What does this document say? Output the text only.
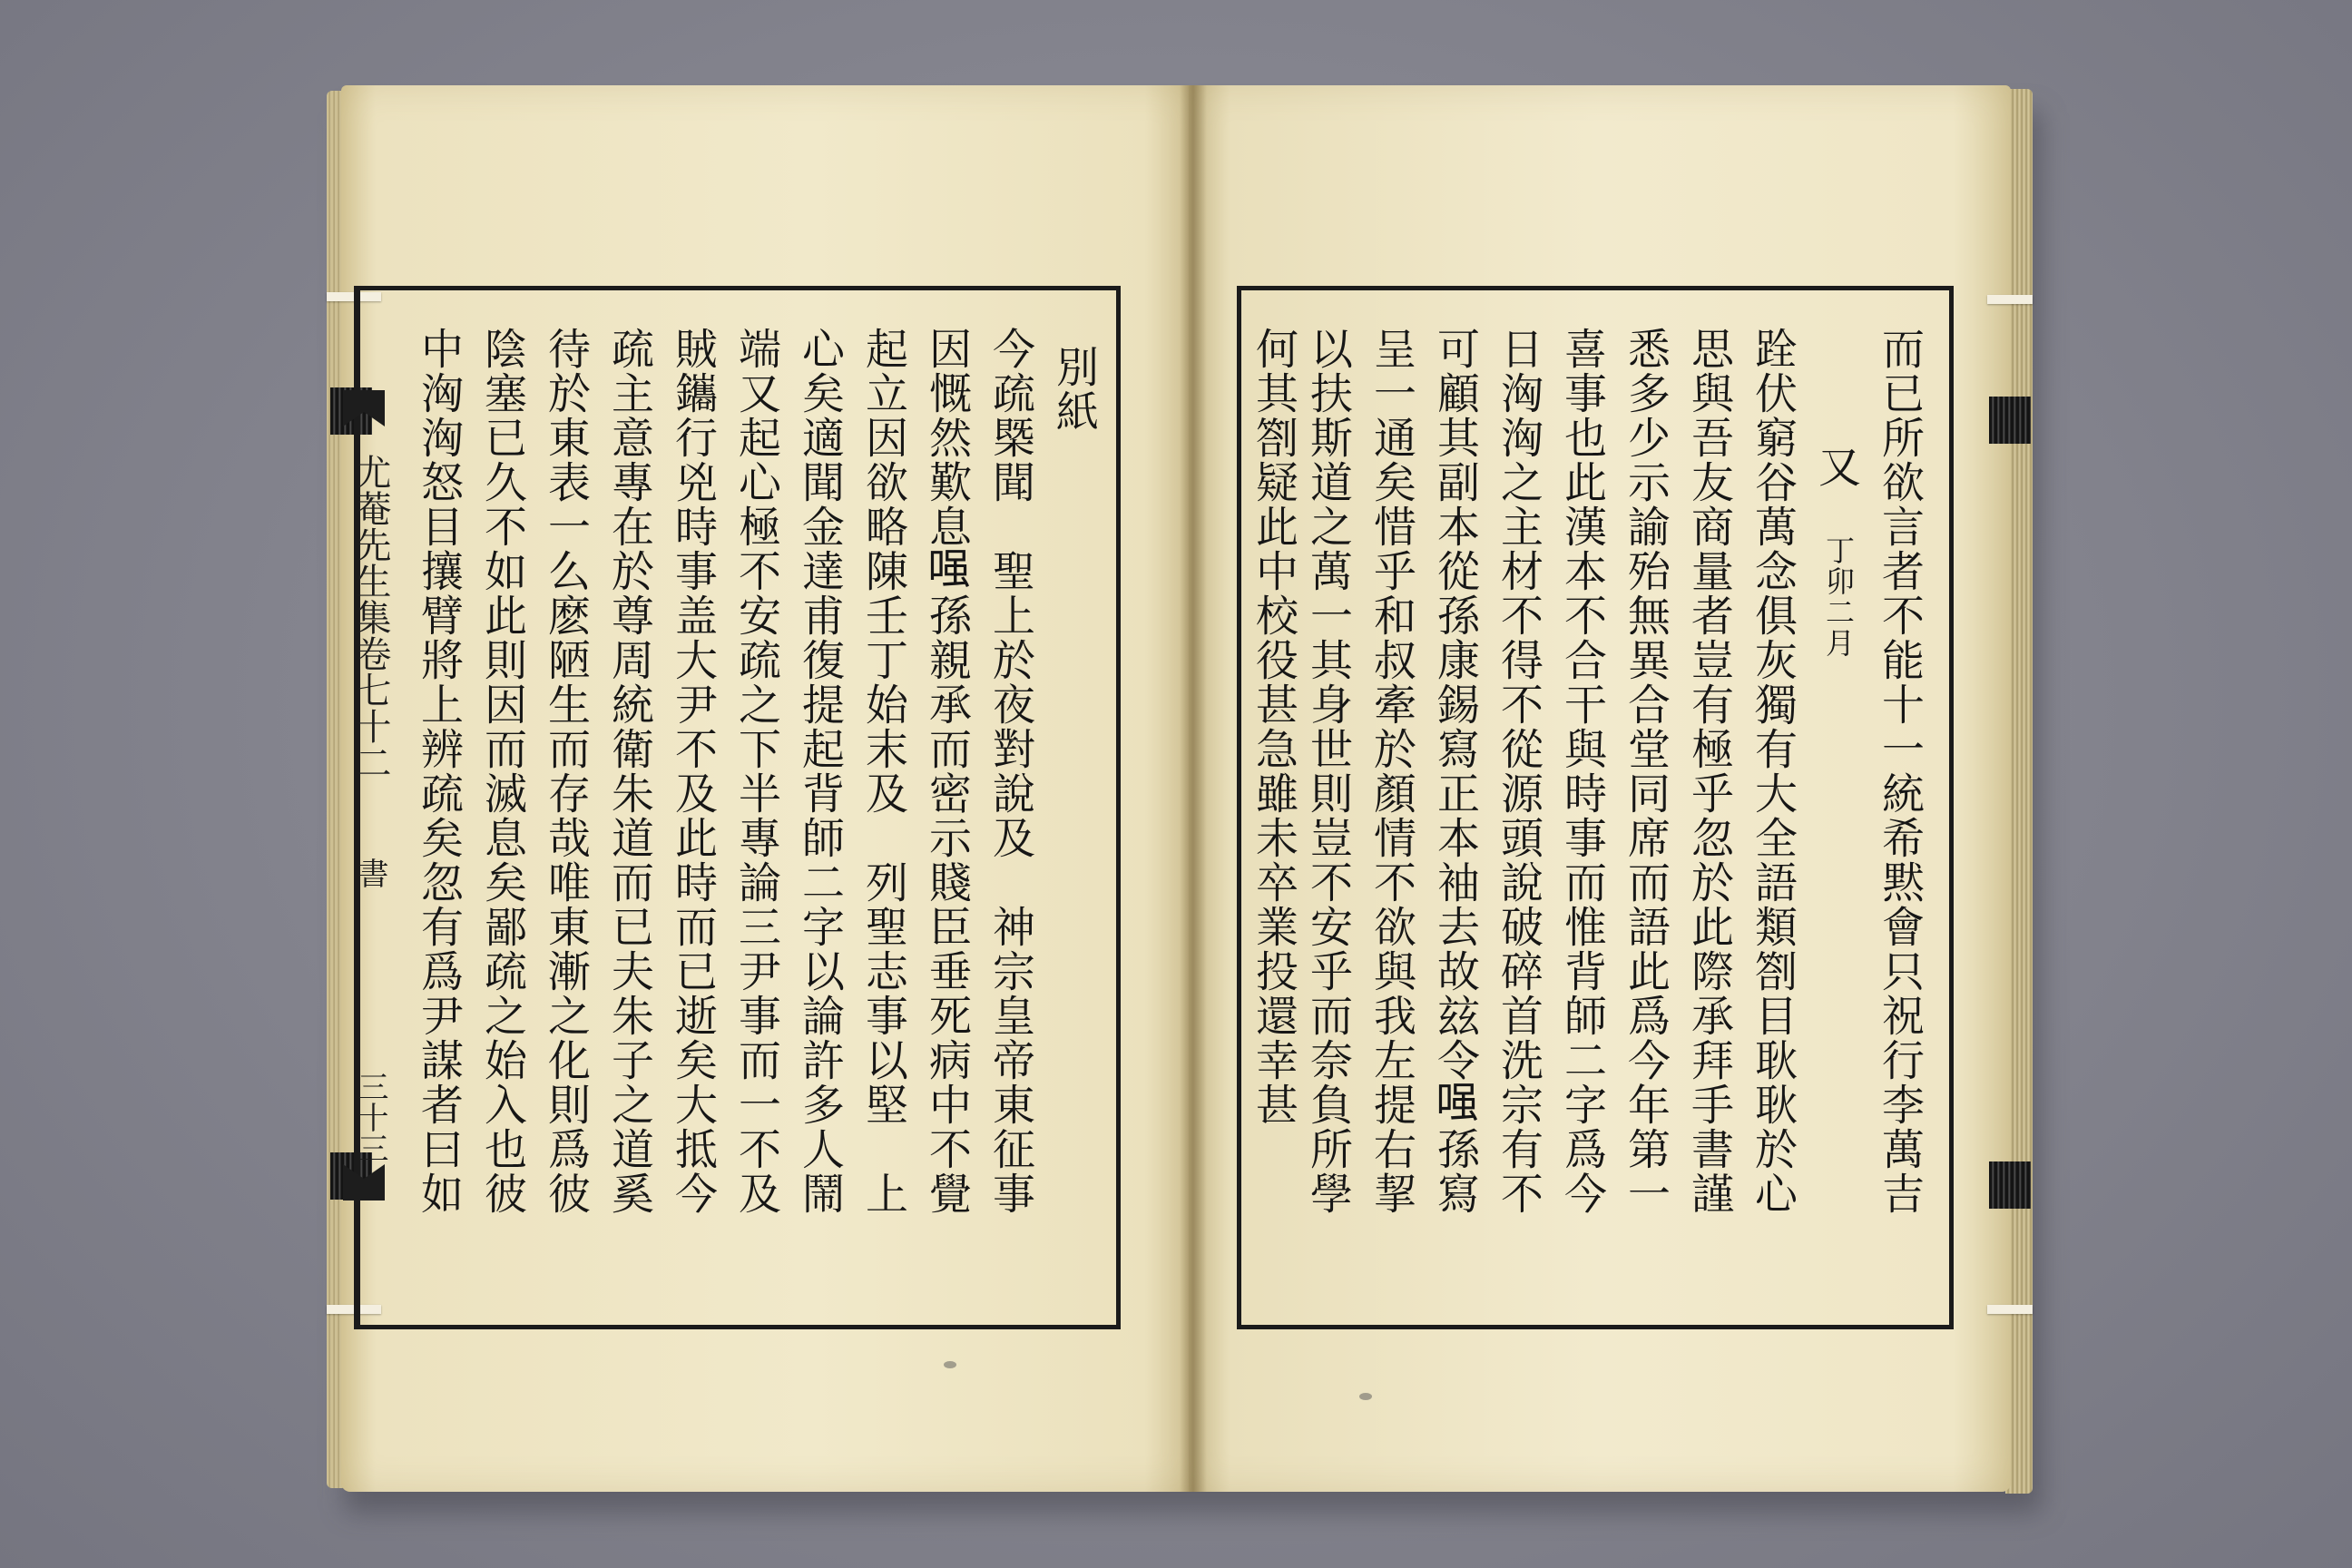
尤菴先生集卷七十二
書
三十三
別紙
今疏槩聞　聖上於夜對說及　神宗皇帝東征事
因慨然歎息𠷣孫親承而密示賤臣垂死病中不覺
起立因欲略陳壬丁始末及　列聖志事以堅　上
心矣適聞金達甫復提起背師二字以論許多人鬧
端又起心極不安疏之下半專論三尹事而一不及
賊鑴行兇時事盖大尹不及此時而已逝矣大抵今
疏主意專在於尊周統衛朱道而已夫朱子之道奚
待於東表一么麽陋生而存哉唯東漸之化則爲彼
陰塞已久不如此則因而滅息矣鄙疏之始入也彼
中洶洶怒目攘臂將上辨疏矣忽有爲尹謀者曰如	而已所欲言者不能十一統希黙會只祝行李萬吉
又
丁卯二月
跧伏窮谷萬念俱灰獨有大全語類劄目耿耿於心
思與吾友商量者豈有極乎忽於此際承拜手書謹
悉多少示諭殆無異合堂同席而語此爲今年第一
喜事也此漢本不合干與時事而惟背師二字爲今
日洶洶之主材不得不從源頭說破碎首洗宗有不
可顧其副本從孫康錫寫正本袖去故玆令𠷣孫寫
呈一通矣惜乎和叔牽於顏情不欲與我左提右挈
以扶斯道之萬一其身世則豈不安乎而奈負所學
何其劄疑此中校役甚急雖未卒業投還幸甚
